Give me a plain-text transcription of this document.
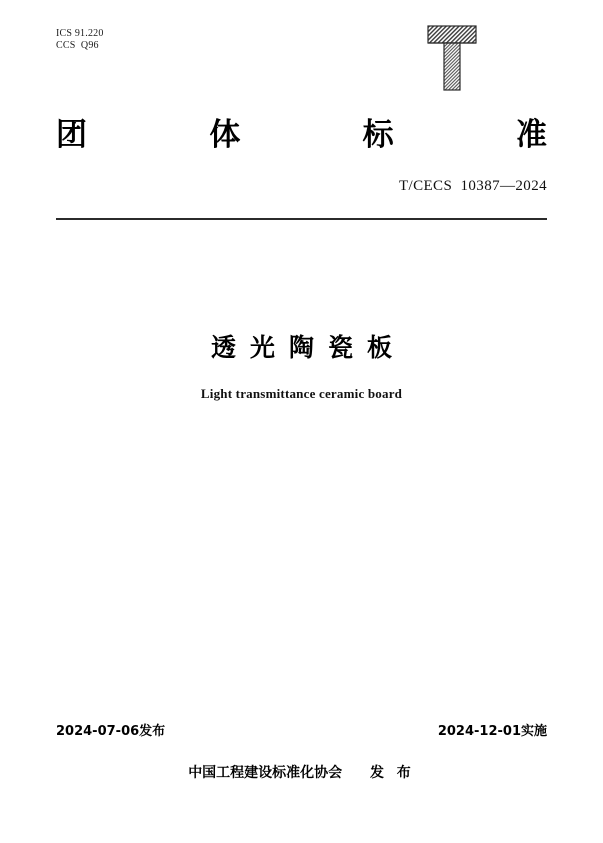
ICS 91.220
CCS  Q96
团	体	标	准
T/CECS  10387—2024
透光陶瓷板
Light transmittance ceramic board
2024-07-06发布	2024-12-01实施
中国工程建设标准化协会 发 布
